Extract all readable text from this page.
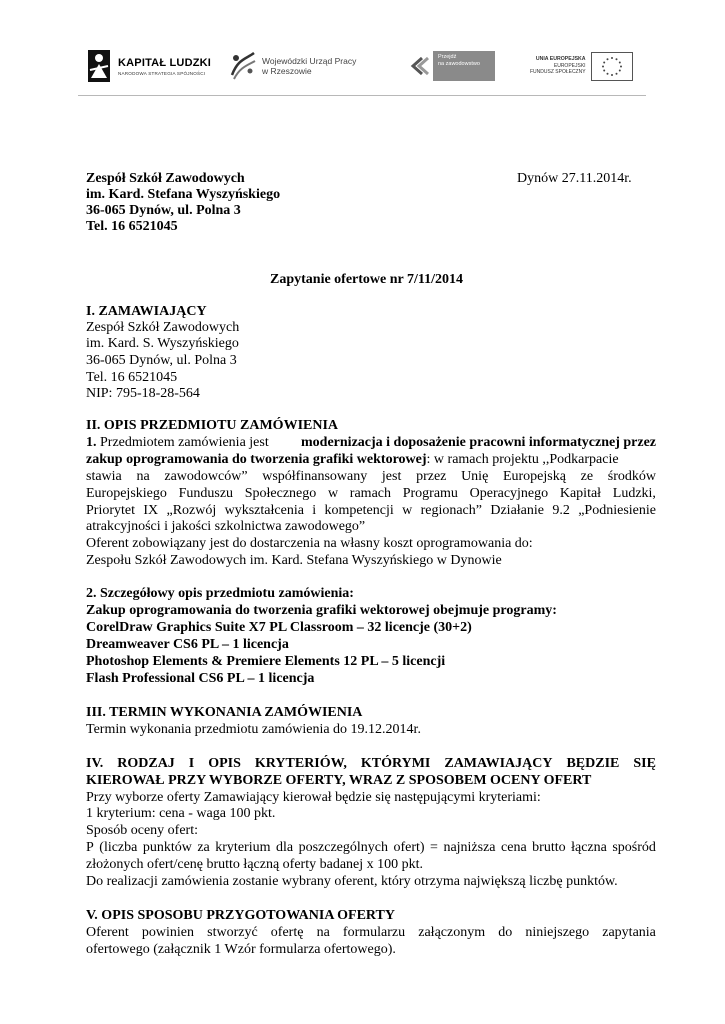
KAPITAŁ LUDZKI
NARODOWA STRATEGIA SPÓJNOŚCI
Wojewódzki Urząd Pracy
w Rzeszowie
Przejdź
na zawodowstwo
UNIA EUROPEJSKA
EUROPEJSKI
FUNDUSZ SPOŁECZNY
Zespół Szkół Zawodowych	Dynów 27.11.2014r.
im. Kard. Stefana Wyszyńskiego
36-065 Dynów, ul. Polna 3
Tel. 16 6521045
Zapytanie ofertowe nr 7/11/2014
I. ZAMAWIAJĄCY
Zespół Szkół Zawodowych
im. Kard. S. Wyszyńskiego
36-065 Dynów, ul. Polna 3
Tel. 16 6521045
NIP: 795-18-28-564
II. OPIS PRZEDMIOTU ZAMÓWIENIA
1. Przedmiotem zamówienia jest modernizacja i doposażenie pracowni informatycznej przez
zakup oprogramowania do tworzenia grafiki wektorowej: w ramach projektu ,,Podkarpacie
stawia na zawodowców” współfinansowany jest przez Unię Europejską ze środków
Europejskiego Funduszu Społecznego w ramach Programu Operacyjnego Kapitał Ludzki,
Priorytet IX „Rozwój wykształcenia i kompetencji w regionach” Działanie 9.2 „Podniesienie
atrakcyjności i jakości szkolnictwa zawodowego”
Oferent zobowiązany jest do dostarczenia na własny koszt oprogramowania do:
Zespołu Szkół Zawodowych im. Kard. Stefana Wyszyńskiego w Dynowie
2. Szczegółowy opis przedmiotu zamówienia:
Zakup oprogramowania do tworzenia grafiki wektorowej obejmuje programy:
CorelDraw Graphics Suite X7 PL Classroom – 32 licencje (30+2)
Dreamweaver CS6 PL – 1 licencja
Photoshop Elements & Premiere Elements 12 PL – 5 licencji
Flash Professional CS6 PL – 1 licencja
III. TERMIN WYKONANIA ZAMÓWIENIA
Termin wykonania przedmiotu zamówienia do 19.12.2014r.
IV. RODZAJ I OPIS KRYTERIÓW, KTÓRYMI ZAMAWIAJĄCY BĘDZIE SIĘ
KIEROWAŁ PRZY WYBORZE OFERTY, WRAZ Z SPOSOBEM OCENY OFERT
Przy wyborze oferty Zamawiający kierował będzie się następującymi kryteriami:
1 kryterium: cena - waga 100 pkt.
Sposób oceny ofert:
P (liczba punktów za kryterium dla poszczególnych ofert) = najniższa cena brutto łączna spośród
złożonych ofert/cenę brutto łączną oferty badanej x 100 pkt.
Do realizacji zamówienia zostanie wybrany oferent, który otrzyma największą liczbę punktów.
V. OPIS SPOSOBU PRZYGOTOWANIA OFERTY
Oferent powinien stworzyć ofertę na formularzu załączonym do niniejszego zapytania
ofertowego (załącznik 1 Wzór formularza ofertowego).
